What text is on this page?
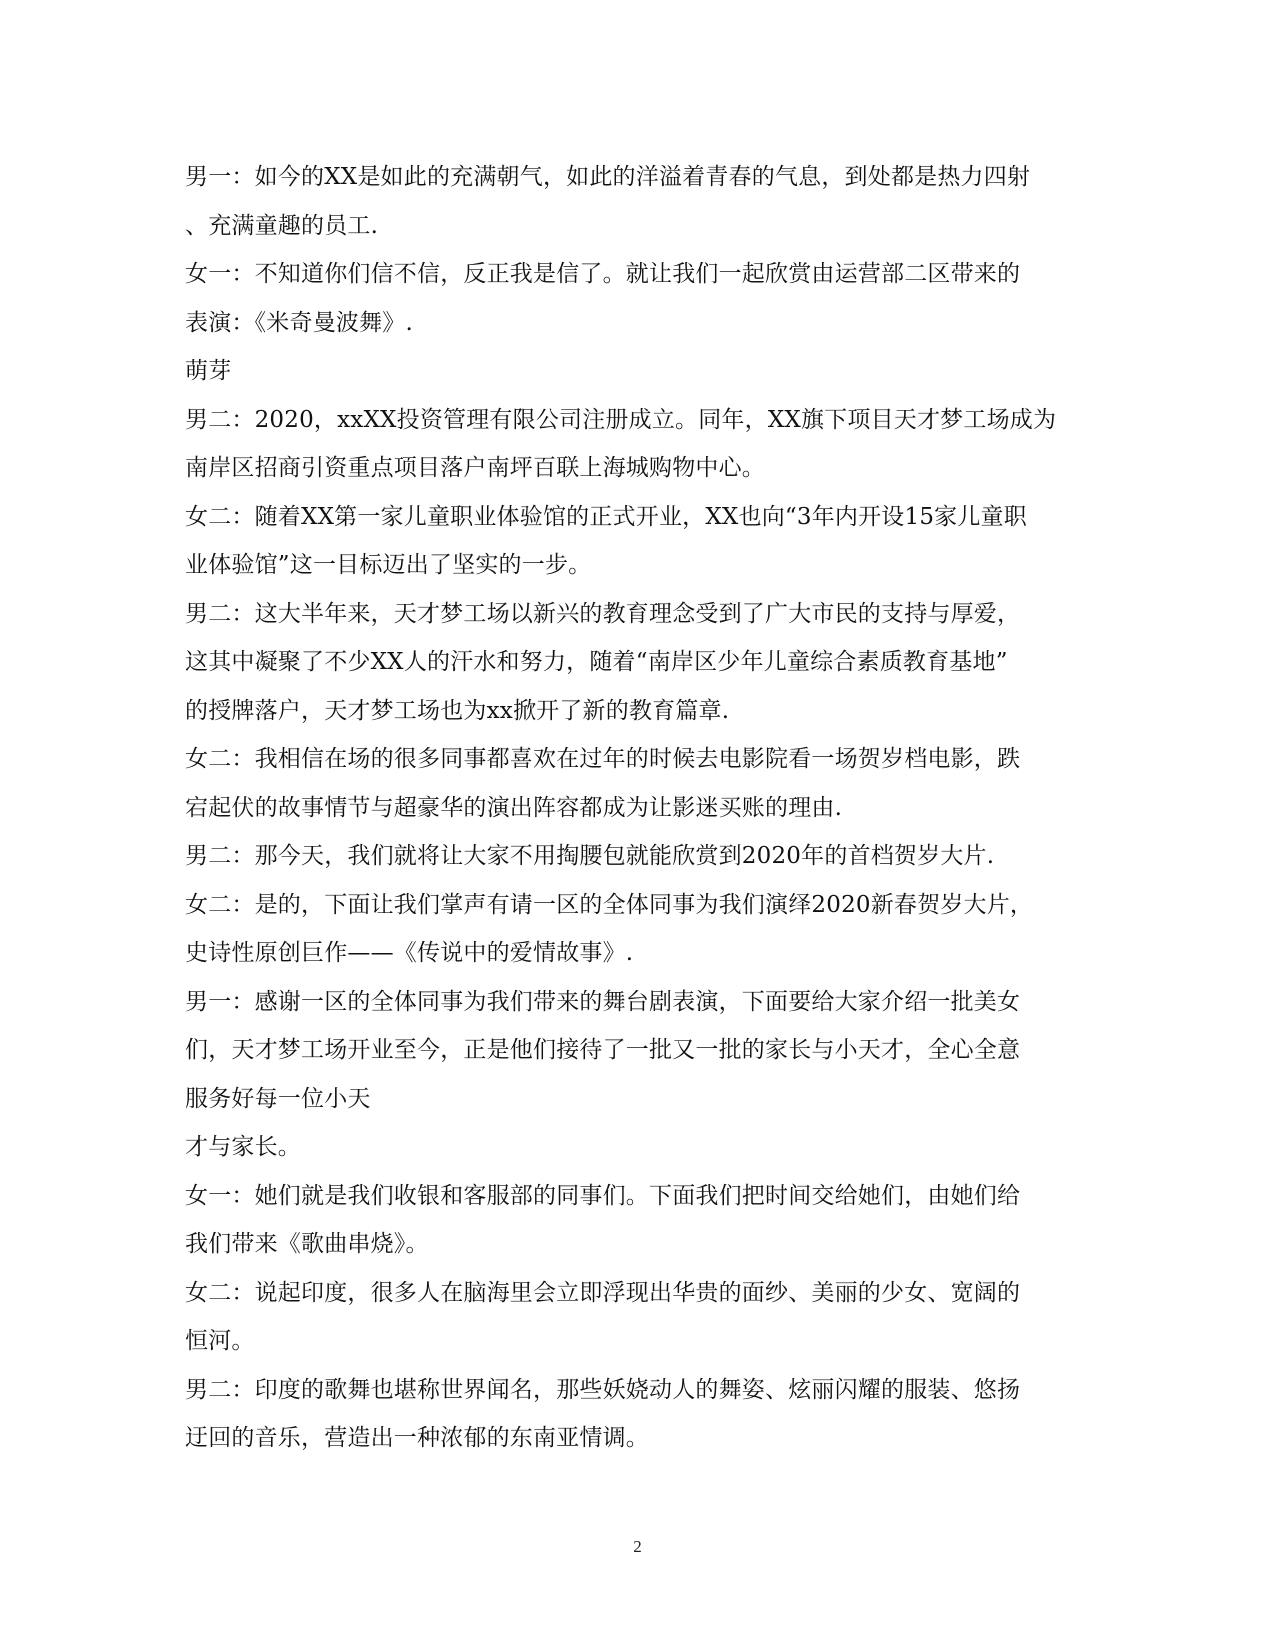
男一：如今的XX是如此的充满朝气，如此的洋溢着青春的气息，到处都是热力四射

、充满童趣的员工.

女一：不知道你们信不信，反正我是信了。就让我们一起欣赏由运营部二区带来的

表演：《米奇曼波舞》.

萌芽

男二：2020，xxXX投资管理有限公司注册成立。同年，XX旗下项目天才梦工场成为

南岸区招商引资重点项目落户南坪百联上海城购物中心。

女二：随着XX第一家儿童职业体验馆的正式开业，XX也向“3年内开设15家儿童职

业体验馆”这一目标迈出了坚实的一步。

男二：这大半年来，天才梦工场以新兴的教育理念受到了广大市民的支持与厚爱，

这其中凝聚了不少XX人的汗水和努力，随着“南岸区少年儿童综合素质教育基地”

的授牌落户，天才梦工场也为xx掀开了新的教育篇章.

女二：我相信在场的很多同事都喜欢在过年的时候去电影院看一场贺岁档电影，跌

宕起伏的故事情节与超豪华的演出阵容都成为让影迷买账的理由.

男二：那今天，我们就将让大家不用掏腰包就能欣赏到2020年的首档贺岁大片.

女二：是的，下面让我们掌声有请一区的全体同事为我们演绎2020新春贺岁大片，

史诗性原创巨作——《传说中的爱情故事》.

男一：感谢一区的全体同事为我们带来的舞台剧表演，下面要给大家介绍一批美女

们，天才梦工场开业至今，正是他们接待了一批又一批的家长与小天才，全心全意

服务好每一位小天

才与家长。

女一：她们就是我们收银和客服部的同事们。下面我们把时间交给她们，由她们给

我们带来《歌曲串烧》。

女二：说起印度，很多人在脑海里会立即浮现出华贵的面纱、美丽的少女、宽阔的

恒河。

男二：印度的歌舞也堪称世界闻名，那些妖娆动人的舞姿、炫丽闪耀的服装、悠扬

迂回的音乐，营造出一种浓郁的东南亚情调。

2
